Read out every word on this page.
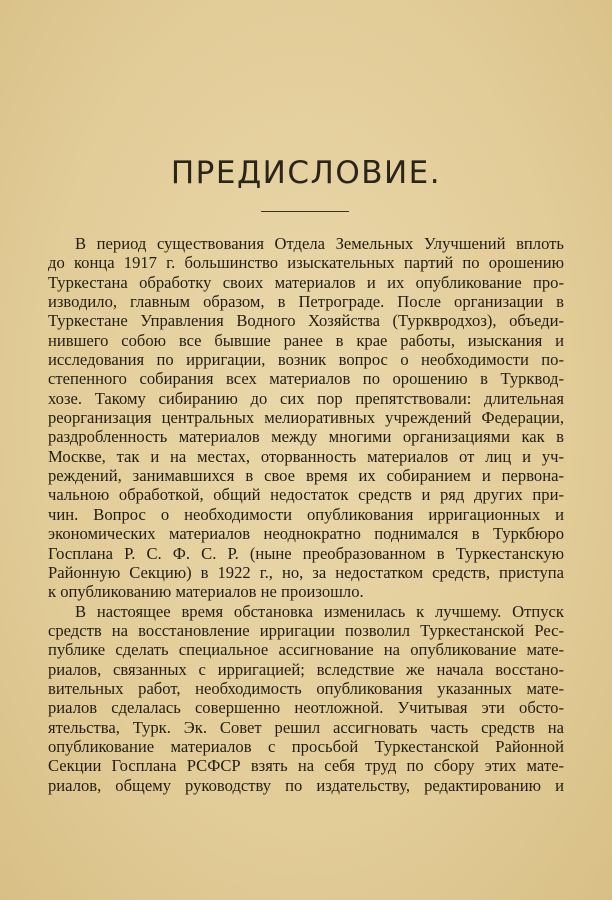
ПРЕДИСЛОВИЕ.
В период существования Отдела Земельных Улучшений вплоть
до конца 1917 г. большинство изыскательных партий по орошению
Туркестана обработку своих материалов и их опубликование про-
изводило, главным образом, в Петрограде. После организации в
Туркестане Управления Водного Хозяйства (Турквродхоз), объеди-
нившего собою все бывшие ранее в крае работы, изыскания и
исследования по ирригации, возник вопрос о необходимости по-
степенного собирания всех материалов по орошению в Турквод-
хозе. Такому сибиранию до сих пор препятствовали: длительная
реорганизация центральных мелиоративных учреждений Федерации,
раздробленность материалов между многими организациями как в
Москве, так и на местах, оторванность материалов от лиц и уч-
реждений, занимавшихся в свое время их собиранием и первона-
чальною обработкой, общий недостаток средств и ряд других при-
чин. Вопрос о необходимости опубликования ирригационных и
экономических материалов неоднократно поднимался в Туркбюро
Госплана Р. С. Ф. С. Р. (ныне преобразованном в Туркестанскую
Районную Секцию) в 1922 г., но, за недостатком средств, приступа
к опубликованию материалов не произошло.
В настоящее время обстановка изменилась к лучшему. Отпуск
средств на восстановление ирригации позволил Туркестанской Рес-
публике сделать специальное ассигнование на опубликование мате-
риалов, связанных с ирригацией; вследствие же начала восстано-
вительных работ, необходимость опубликования указанных мате-
риалов сделалась совершенно неотложной. Учитывая эти обсто-
ятельства, Турк. Эк. Совет решил ассигновать часть средств на
опубликование материалов с просьбой Туркестанской Районной
Секции Госплана РСФСР взять на себя труд по сбору этих мате-
риалов, общему руководству по издательству, редактированию и
